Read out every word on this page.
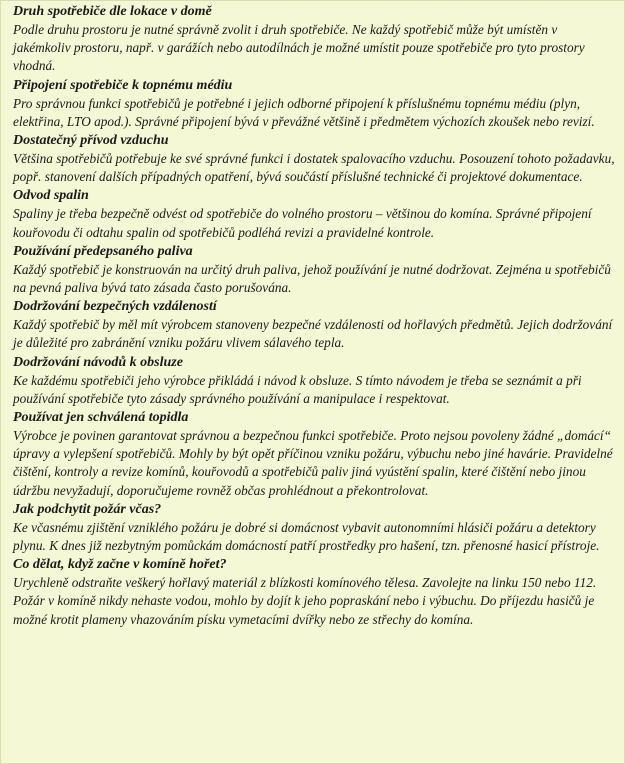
Druh spotřebiče dle lokace v domě

Podle druhu prostoru je nutné správně zvolit i druh spotřebiče. Ne každý spotřebič může být umístěn v jakémkoliv prostoru, např. v garážích nebo autodílnách je možné umístit pouze spotřebiče pro tyto prostory vhodná.

Připojení spotřebiče k topnému médiu

Pro správnou funkci spotřebičů je potřebné i jejich odborné připojení k příslušnému topnému médiu (plyn, elektřina, LTO apod.). Správné připojení bývá v převážné většině i předmětem výchozích zkoušek nebo revizí.

Dostatečný přívod vzduchu

Většina spotřebičů potřebuje ke své správné funkci i dostatek spalovacího vzduchu. Posouzení tohoto požadavku, popř. stanovení dalších případných opatření, bývá součástí příslušné technické či projektové dokumentace.

Odvod spalin

Spaliny je třeba bezpečně odvést od spotřebiče do volného prostoru – většinou do komína. Správné připojení kouřovodu či odtahu spalin od spotřebičů podléhá revizi a pravidelné kontrole.

Používání předepsaného paliva

Každý spotřebič je konstruován na určitý druh paliva, jehož používání je nutné dodržovat. Zejména u spotřebičů na pevná paliva bývá tato zásada často porušována.

Dodržování bezpečných vzdáleností

Každý spotřebič by měl mít výrobcem stanoveny bezpečné vzdálenosti od hořlavých předmětů. Jejich dodržování je důležité pro zabránění vzniku požáru vlivem sálavého tepla.

Dodržování návodů k obsluze

Ke každému spotřebiči jeho výrobce přikládá i návod k obsluze. S tímto návodem je třeba se seznámit a při používání spotřebiče tyto zásady správného používání a manipulace i respektovat.

Používat jen schválená topidla

Výrobce je povinen garantovat správnou a bezpečnou funkci spotřebiče. Proto nejsou povoleny žádné „domácí“ úpravy a vylepšení spotřebičů. Mohly by být opět příčinou vzniku požáru, výbuchu nebo jiné havárie. Pravidelné čištění, kontroly a revize komínů, kouřovodů a spotřebičů paliv jiná vyústění spalin, které čištění nebo jinou údržbu nevyžadují, doporučujeme rovněž občas prohlédnout a překontrolovat.

Jak podchytit požár včas?

Ke včasnému zjištění vzniklého požáru je dobré si domácnost vybavit autonomními hlásiči požáru a detektory plynu. K dnes již nezbytným pomůckám domácností patří prostředky pro hašení, tzn. přenosné hasicí přístroje.

Co dělat, když začne v komíně hořet?

Urychleně odstraňte veškerý hořlavý materiál z blízkosti komínového tělesa. Zavolejte na linku 150 nebo 112. Požár v komíně nikdy nehaste vodou, mohlo by dojít k jeho popraskání nebo i výbuchu. Do příjezdu hasičů je možné krotit plameny vhazováním písku vymetacími dvířky nebo ze střechy do komína.
